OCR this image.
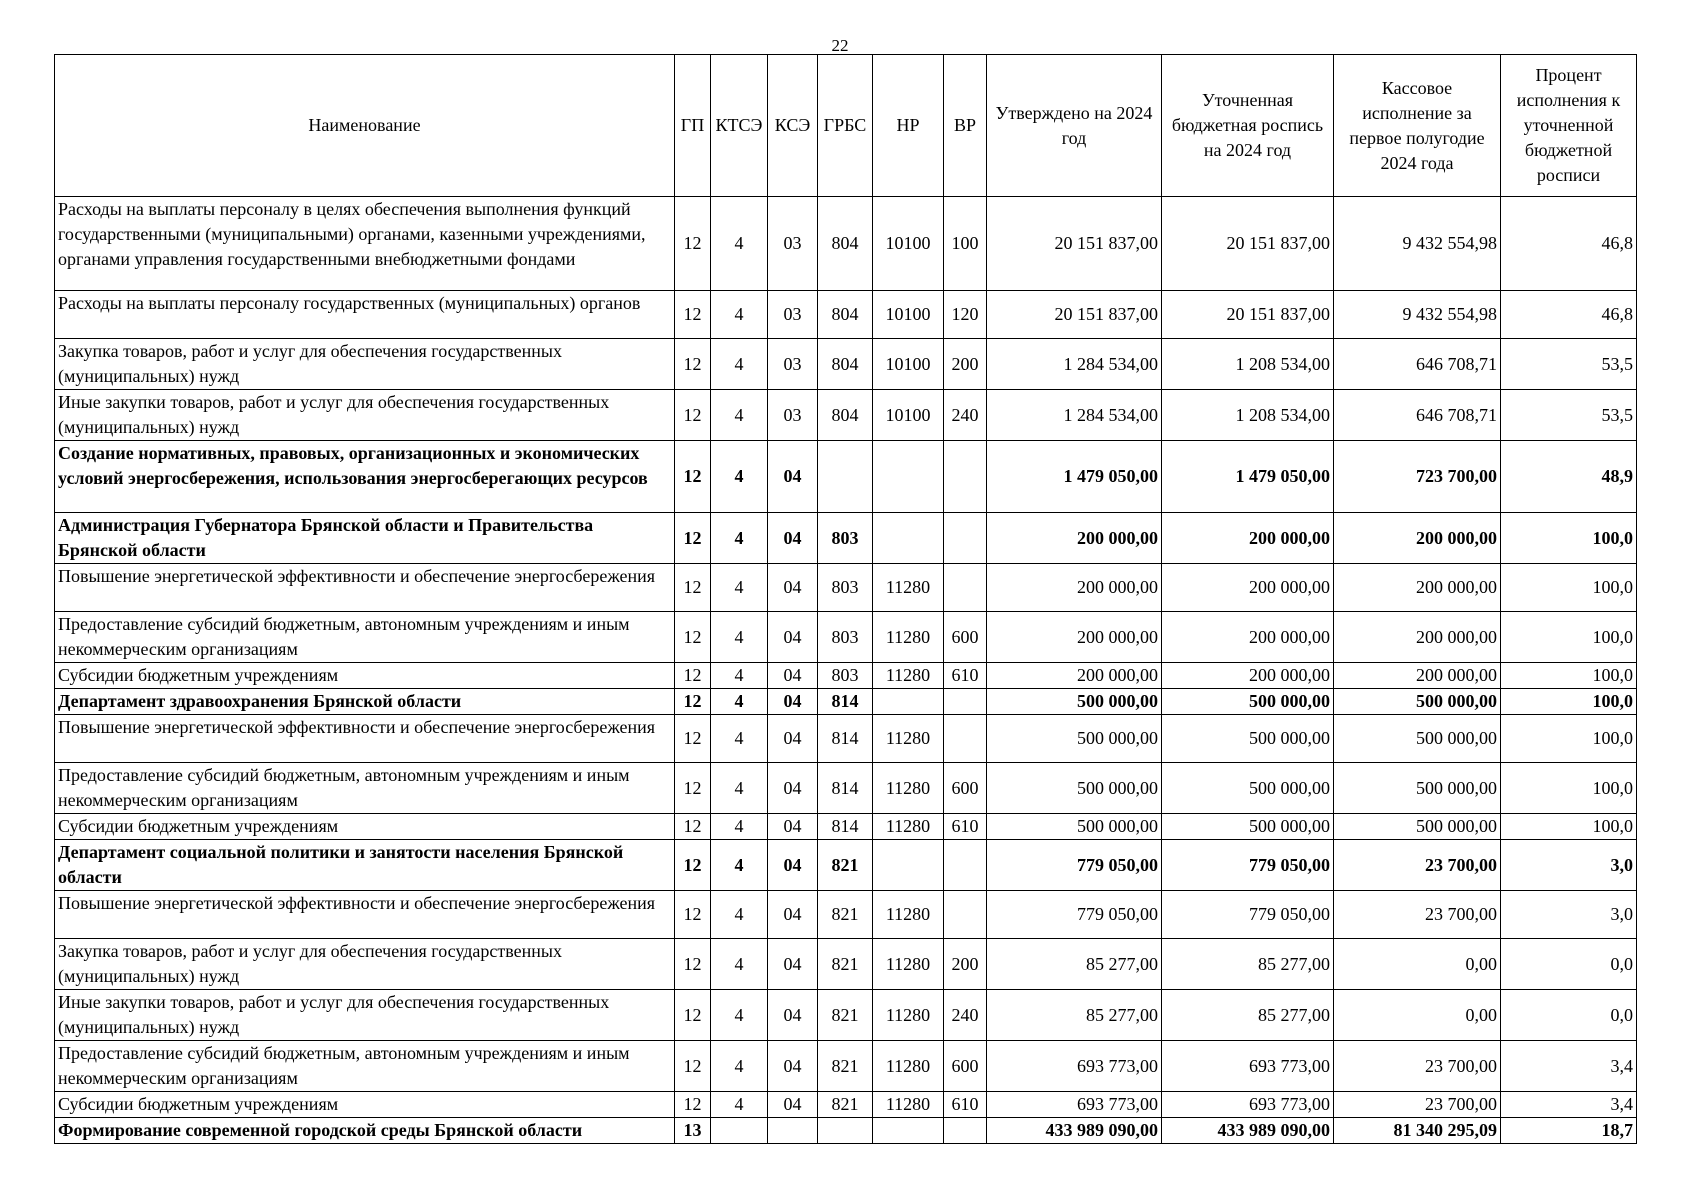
22
Наименование	ГП	КТСЭ	КСЭ	ГРБС	НР	ВР	Утверждено на 2024 год	Уточненная бюджетная роспись на 2024 год	Кассовое исполнение за первое полугодие 2024 года	Процент исполнения к уточненной бюджетной росписи
Расходы на выплаты персоналу в целях обеспечения выполнения функций государственными (муниципальными) органами, казенными учреждениями, органами управления государственными внебюджетными фондами	12	4	03	804	10100	100	20 151 837,00	20 151 837,00	9 432 554,98	46,8
Расходы на выплаты персоналу государственных (муниципальных) органов	12	4	03	804	10100	120	20 151 837,00	20 151 837,00	9 432 554,98	46,8
Закупка товаров, работ и услуг для обеспечения государственных (муниципальных) нужд	12	4	03	804	10100	200	1 284 534,00	1 208 534,00	646 708,71	53,5
Иные закупки товаров, работ и услуг для обеспечения государственных (муниципальных) нужд	12	4	03	804	10100	240	1 284 534,00	1 208 534,00	646 708,71	53,5
Создание нормативных, правовых, организационных и экономических условий энергосбережения, использования энергосберегающих ресурсов	12	4	04				1 479 050,00	1 479 050,00	723 700,00	48,9
Администрация Губернатора Брянской области и Правительства Брянской области	12	4	04	803			200 000,00	200 000,00	200 000,00	100,0
Повышение энергетической эффективности и обеспечение энергосбережения	12	4	04	803	11280		200 000,00	200 000,00	200 000,00	100,0
Предоставление субсидий бюджетным, автономным учреждениям и иным некоммерческим организациям	12	4	04	803	11280	600	200 000,00	200 000,00	200 000,00	100,0
Субсидии бюджетным учреждениям	12	4	04	803	11280	610	200 000,00	200 000,00	200 000,00	100,0
Департамент здравоохранения Брянской области	12	4	04	814			500 000,00	500 000,00	500 000,00	100,0
Повышение энергетической эффективности и обеспечение энергосбережения	12	4	04	814	11280		500 000,00	500 000,00	500 000,00	100,0
Предоставление субсидий бюджетным, автономным учреждениям и иным некоммерческим организациям	12	4	04	814	11280	600	500 000,00	500 000,00	500 000,00	100,0
Субсидии бюджетным учреждениям	12	4	04	814	11280	610	500 000,00	500 000,00	500 000,00	100,0
Департамент социальной политики и занятости населения Брянской области	12	4	04	821			779 050,00	779 050,00	23 700,00	3,0
Повышение энергетической эффективности и обеспечение энергосбережения	12	4	04	821	11280		779 050,00	779 050,00	23 700,00	3,0
Закупка товаров, работ и услуг для обеспечения государственных (муниципальных) нужд	12	4	04	821	11280	200	85 277,00	85 277,00	0,00	0,0
Иные закупки товаров, работ и услуг для обеспечения государственных (муниципальных) нужд	12	4	04	821	11280	240	85 277,00	85 277,00	0,00	0,0
Предоставление субсидий бюджетным, автономным учреждениям и иным некоммерческим организациям	12	4	04	821	11280	600	693 773,00	693 773,00	23 700,00	3,4
Субсидии бюджетным учреждениям	12	4	04	821	11280	610	693 773,00	693 773,00	23 700,00	3,4
Формирование современной городской среды Брянской области	13						433 989 090,00	433 989 090,00	81 340 295,09	18,7
